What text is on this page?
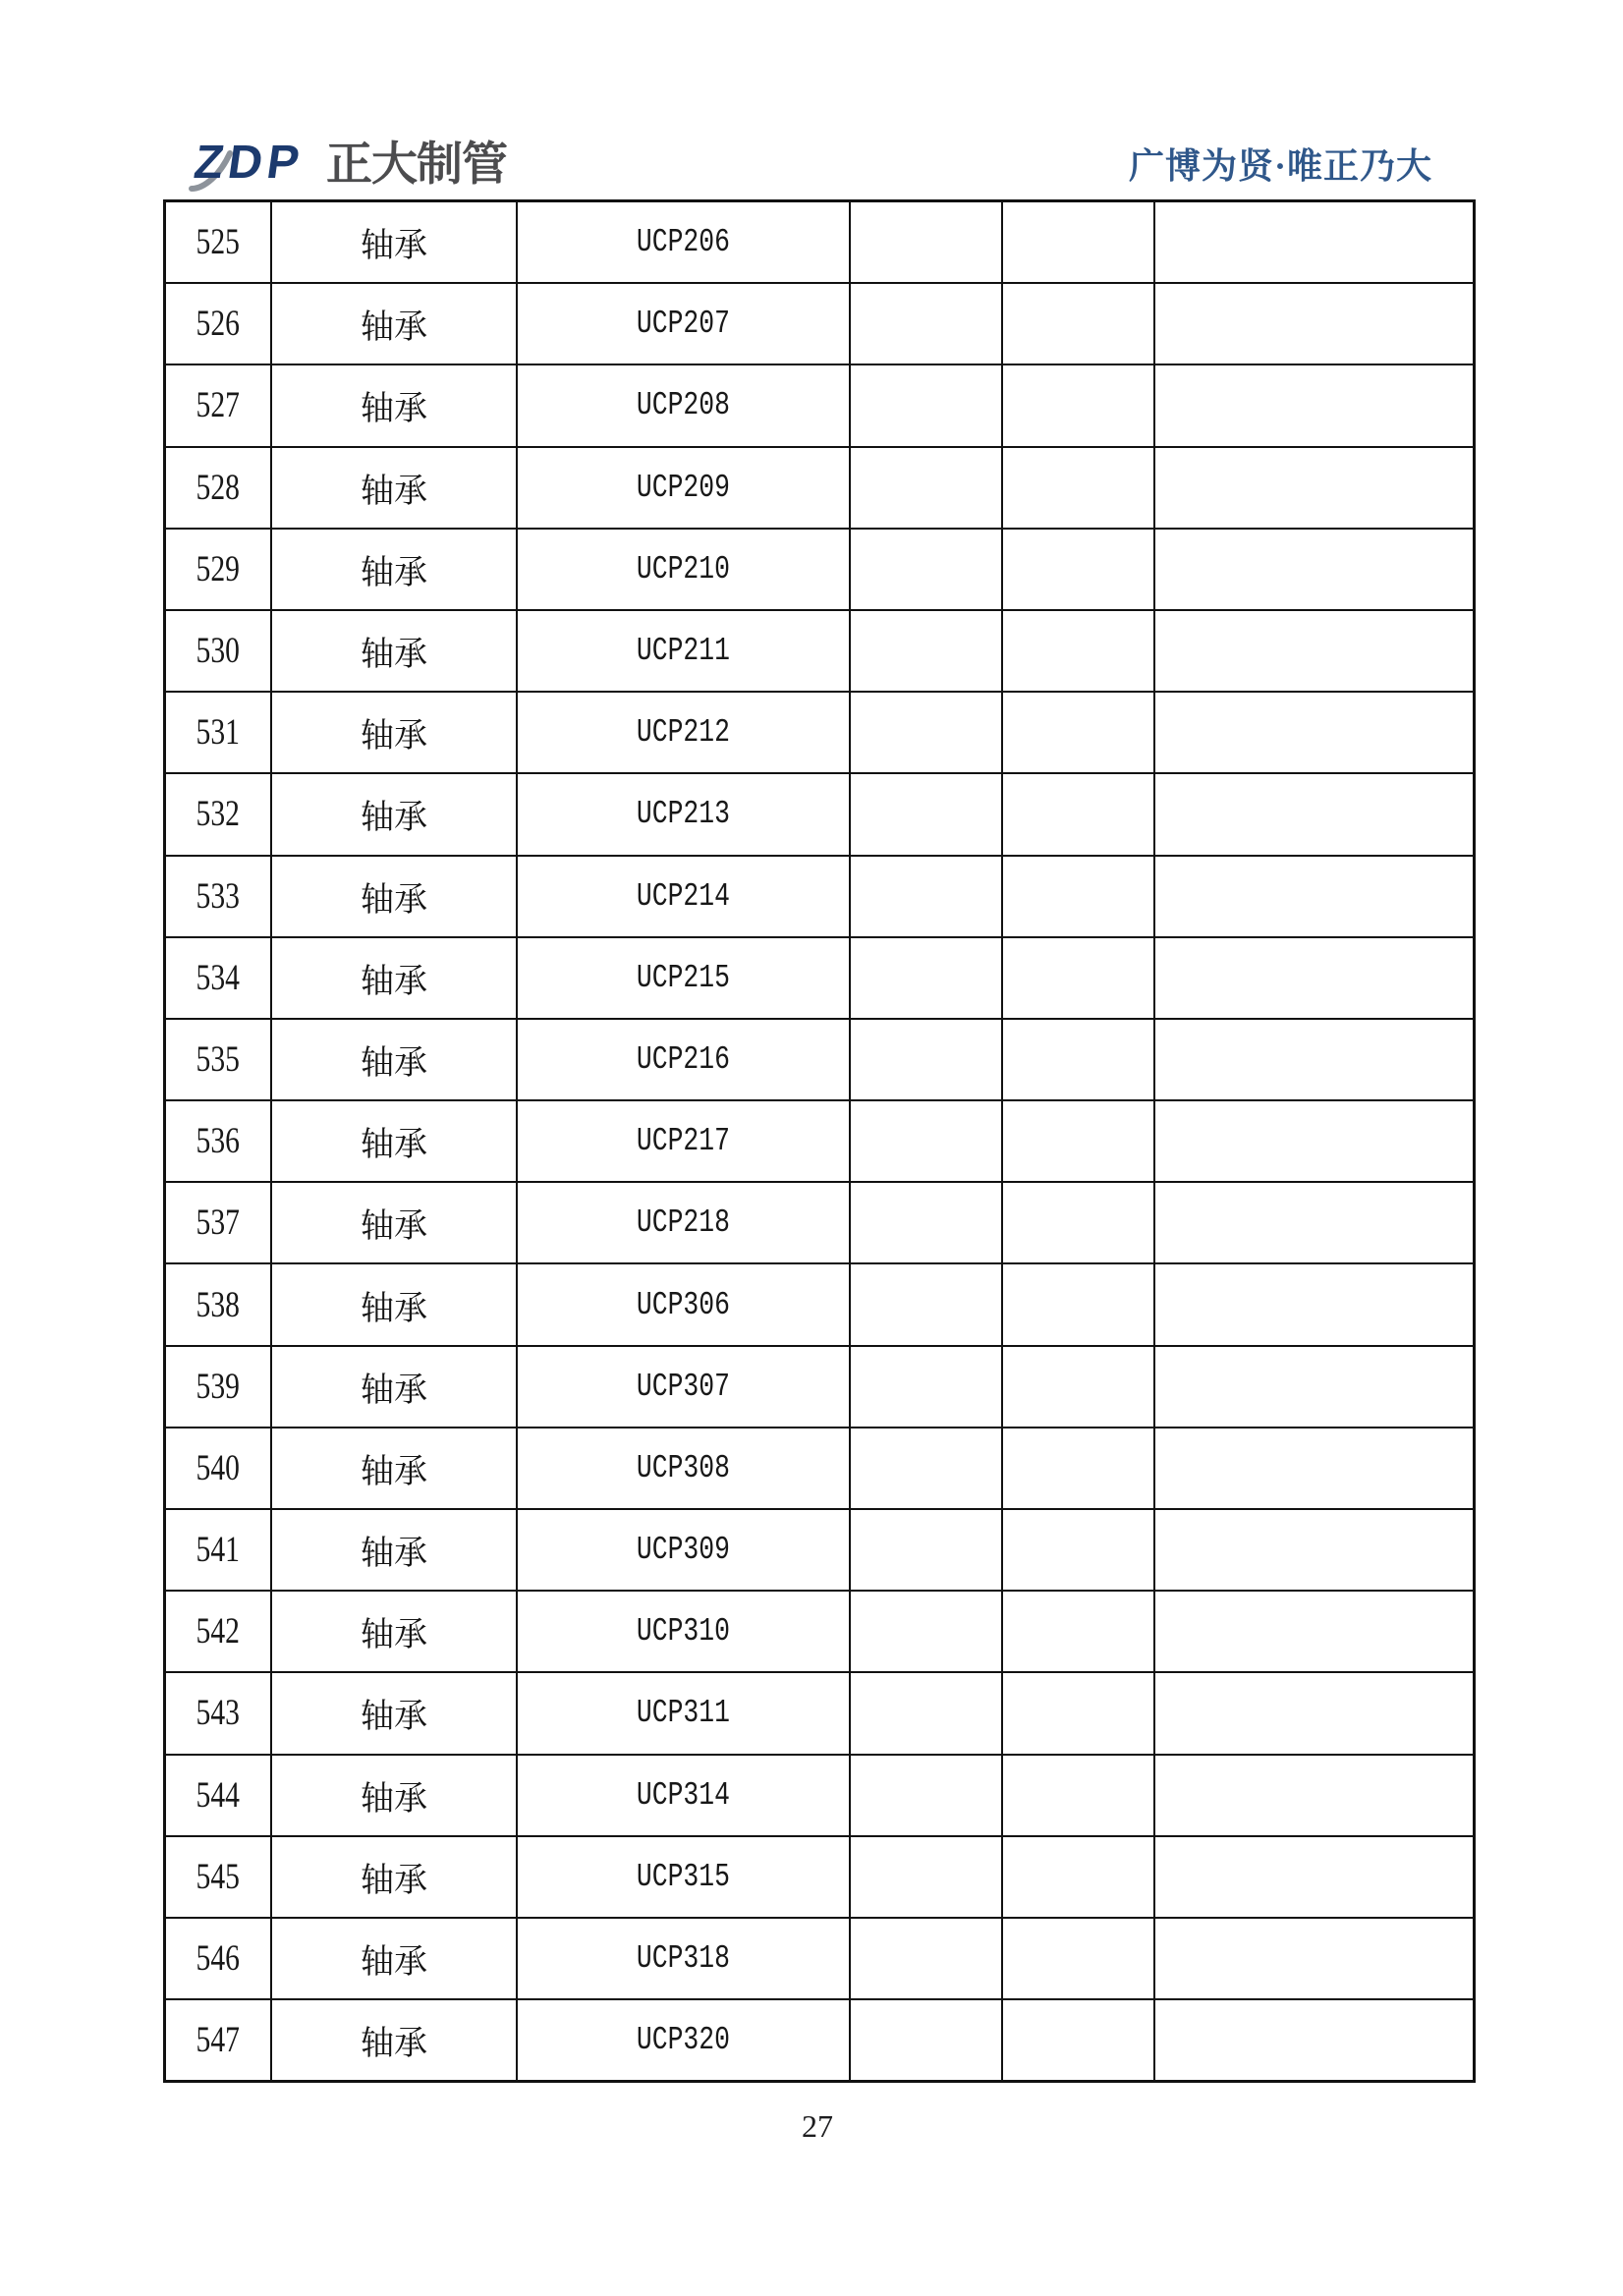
ZDP 正大制管	广博为贤·唯正乃大
525	轴承	UCP206			
526	轴承	UCP207			
527	轴承	UCP208			
528	轴承	UCP209			
529	轴承	UCP210			
530	轴承	UCP211			
531	轴承	UCP212			
532	轴承	UCP213			
533	轴承	UCP214			
534	轴承	UCP215			
535	轴承	UCP216			
536	轴承	UCP217			
537	轴承	UCP218			
538	轴承	UCP306			
539	轴承	UCP307			
540	轴承	UCP308			
541	轴承	UCP309			
542	轴承	UCP310			
543	轴承	UCP311			
544	轴承	UCP314			
545	轴承	UCP315			
546	轴承	UCP318			
547	轴承	UCP320			
27
